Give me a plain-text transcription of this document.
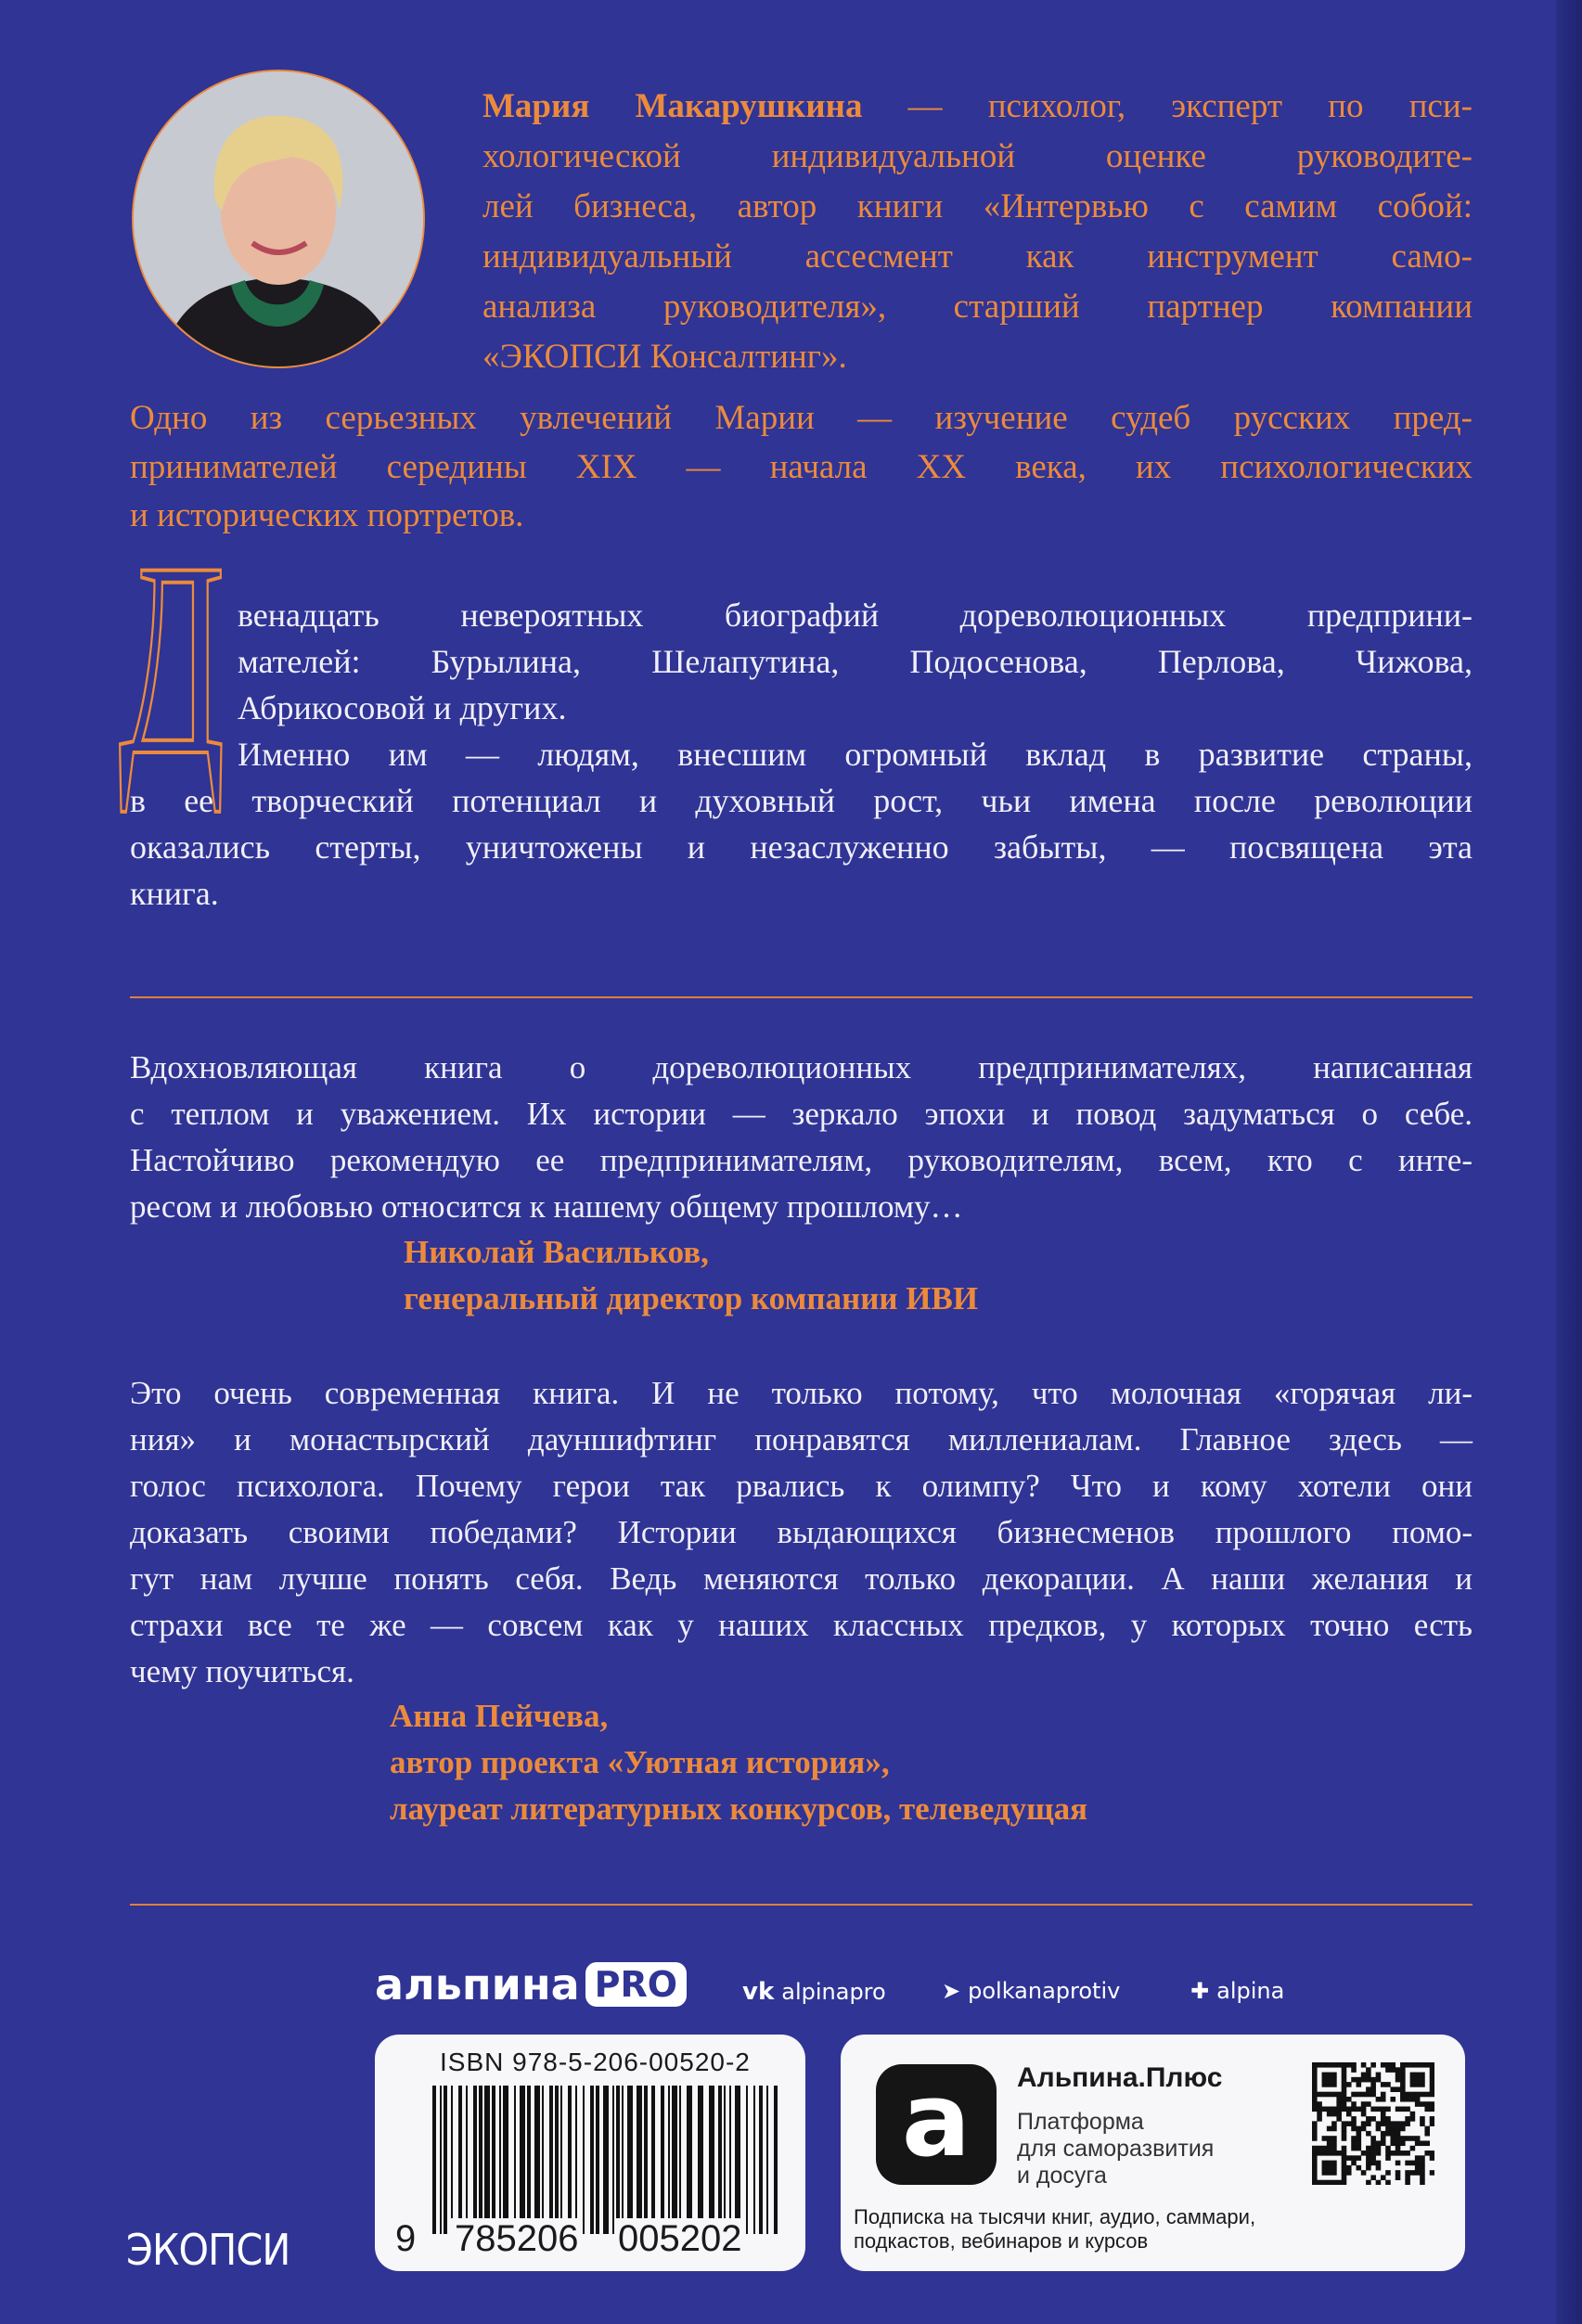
Мария Макарушкина — психолог, эксперт по пси-
хологической индивидуальной оценке руководите-
лей бизнеса, автор книги «Интервью с самим собой:
индивидуальный ассесмент как инструмент само-
анализа руководителя», старший партнер компании
«ЭКОПСИ Консалтинг».
Одно из серьезных увлечений Марии — изучение судеб русских пред-
принимателей середины XIX — начала XX века, их психологических
и исторических портретов.
Д венадцать невероятных биографий дореволюционных предприни-
мателей: Бурылина, Шелапутина, Подосенова, Перлова, Чижова,
Абрикосовой и других.
Именно им — людям, внесшим огромный вклад в развитие страны,
в ее творческий потенциал и духовный рост, чьи имена после революции
оказались стерты, уничтожены и незаслуженно забыты, — посвящена эта
книга.
Вдохновляющая книга о дореволюционных предпринимателях, написанная
с теплом и уважением. Их истории — зеркало эпохи и повод задуматься о себе.
Настойчиво рекомендую ее предпринимателям, руководителям, всем, кто с инте-
ресом и любовью относится к нашему общему прошлому…
Николай Васильков,
генеральный директор компании ИВИ
Это очень современная книга. И не только потому, что молочная «горячая ли-
ния» и монастырский дауншифтинг понравятся миллениалам. Главное здесь —
голос психолога. Почему герои так рвались к олимпу? Что и кому хотели они
доказать своими победами? Истории выдающихся бизнесменов прошлого помо-
гут нам лучше понять себя. Ведь меняются только декорации. А наши желания и
страхи все те же — совсем как у наших классных предков, у которых точно есть
чему поучиться.
Анна Пейчева,
автор проекта «Уютная история»,
лауреат литературных конкурсов, телеведущая
альпина PRO	vk alpinapro	➤ polkanaprotiv	✚ alpina
ISBN 978-5-206-00520-2
9 785206 005202
a	Альпина.Плюс
Платформа
для саморазвития
и досуга
Подписка на тысячи книг, аудио, саммари,
подкастов, вебинаров и курсов
ЭКОПСИ
